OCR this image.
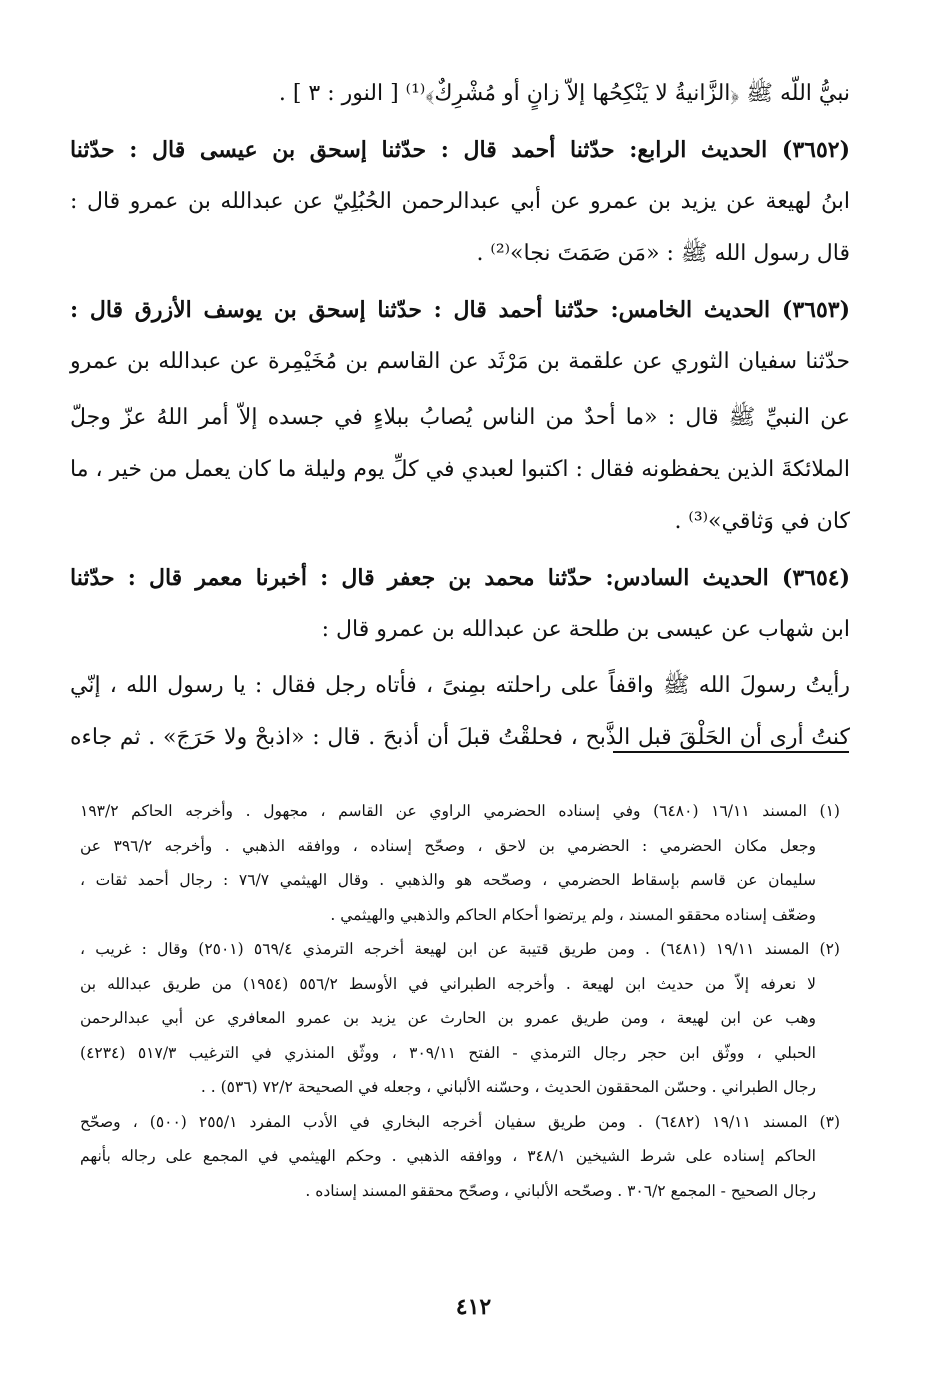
نبيُّ اللّه ﷺ ﴿الزَّانيةُ لا يَنْكِحُها إلاّ زانٍ أو مُشْرِكٌ﴾⁽¹⁾ [ النور : ٣ ] .
(٣٦٥٢) الحديث الرابع: حدّثنا أحمد قال : حدّثنا إسحق بن عيسى قال : حدّثنا
ابنُ لهيعة عن يزيد بن عمرو عن أبي عبدالرحمن الحُبُلِيّ عن عبدالله بن عمرو قال :
قال رسول الله ﷺ : «مَن صَمَتَ نجا»⁽²⁾ .
(٣٦٥٣) الحديث الخامس: حدّثنا أحمد قال : حدّثنا إسحق بن يوسف الأزرق قال :
حدّثنا سفيان الثوري عن علقمة بن مَرْثَد عن القاسم بن مُخَيْمِرة عن عبدالله بن عمرو
عن النبيِّ ﷺ قال : «ما أحدٌ من الناس يُصابُ ببلاءٍ في جسده إلاّ أمر اللهُ عزّ وجلّ
الملائكةَ الذين يحفظونه فقال : اكتبوا لعبدي في كلِّ يوم وليلة ما كان يعمل من خير ، ما
كان في وَثاقي»⁽³⁾ .
(٣٦٥٤) الحديث السادس: حدّثنا محمد بن جعفر قال : أخبرنا معمر قال : حدّثنا
ابن شهاب عن عيسى بن طلحة عن عبدالله بن عمرو قال :
رأيتُ رسولَ الله ﷺ واقفاً على راحلته بمِنىً ، فأتاه رجل فقال : يا رسول الله ، إنّي
كنتُ أرى أن الحَلْقَ قبل الذَّبح ، فحلقْتُ قبلَ أن أذبحَ . قال : «اذبحْ ولا حَرَجَ» . ثم جاءه
(١) المسند ١٦/١١ (٦٤٨٠) وفي إسناده الحضرمي الراوي عن القاسم ، مجهول . وأخرجه الحاكم ١٩٣/٢
وجعل مكان الحضرمي : الحضرمي بن لاحق ، وصحّح إسناده ، ووافقه الذهبي . وأخرجه ٣٩٦/٢ عن
سليمان عن قاسم بإسقاط الحضرمي ، وصحّحه هو والذهبي . وقال الهيثمي ٧٦/٧ : رجال أحمد ثقات ،
وضعّف إسناده محققو المسند ، ولم يرتضوا أحكام الحاكم والذهبي والهيثمي .
(٢) المسند ١٩/١١ (٦٤٨١) . ومن طريق قتيبة عن ابن لهيعة أخرجه الترمذي ٥٦٩/٤ (٢٥٠١) وقال : غريب ،
لا نعرفه إلاّ من حديث ابن لهيعة . وأخرجه الطبراني في الأوسط ٥٥٦/٢ (١٩٥٤) من طريق عبدالله بن
وهب عن ابن لهيعة ، ومن طريق عمرو بن الحارث عن يزيد بن عمرو المعافري عن أبي عبدالرحمن
الحبلي ، ووثّق ابن حجر رجال الترمذي - الفتح ٣٠٩/١١ ، ووثّق المنذري في الترغيب ٥١٧/٣ (٤٢٣٤)
رجال الطبراني . وحسّن المحققون الحديث ، وحسّنه الألباني ، وجعله في الصحيحة ٧٢/٢ (٥٣٦) . .
(٣) المسند ١٩/١١ (٦٤٨٢) . ومن طريق سفيان أخرجه البخاري في الأدب المفرد ٢٥٥/١ (٥٠٠) ، وصحّح
الحاكم إسناده على شرط الشيخين ٣٤٨/١ ، ووافقه الذهبي . وحكم الهيثمي في المجمع على رجاله بأنهم
رجال الصحيح - المجمع ٣٠٦/٢ . وصحّحه الألباني ، وصحّح محققو المسند إسناده .
٤١٢
